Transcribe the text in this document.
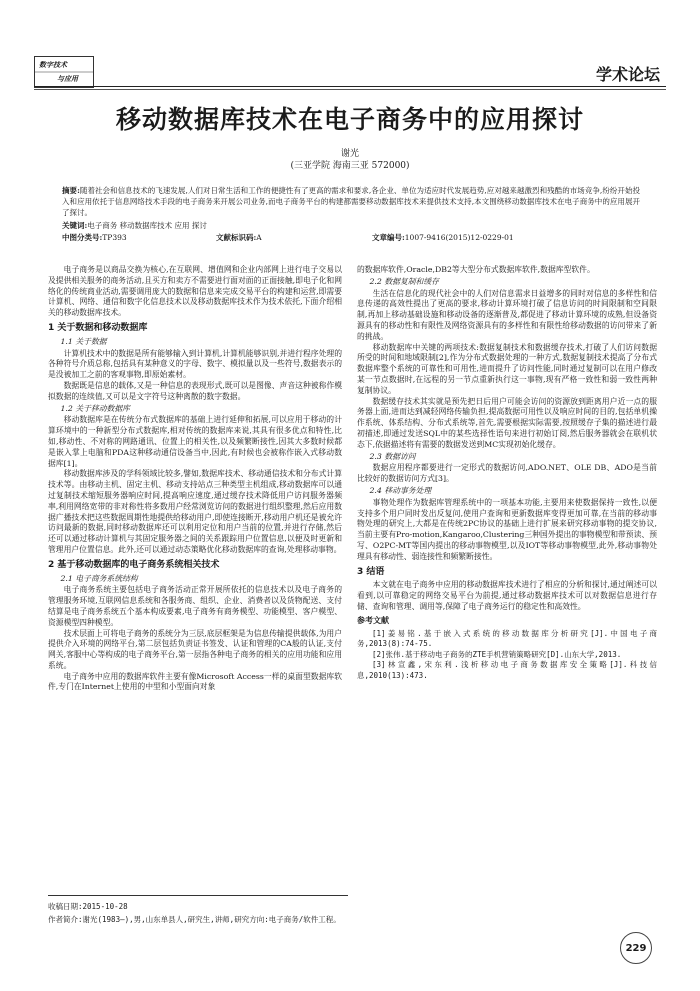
数字技术
与应用	学术论坛
移动数据库技术在电子商务中的应用探讨
谢光
(三亚学院 海南三亚 572000)
摘要:随着社会和信息技术的飞速发展,人们对日常生活和工作的便捷性有了更高的需求和要求,各企业、单位为适应时代发展趋势,应对越来越激烈和残酷的市场竞争,纷纷开始投入和应用依托于信息网络技术手段的电子商务来开展公司业务,而电子商务平台的构建都需要移动数据库技术来提供技术支持,本文围绕移动数据库技术在电子商务中的应用展开了探讨。
关键词:电子商务 移动数据库技术 应用 探讨
中图分类号:TP393	文献标识码:A	文章编号:1007-9416(2015)12-0229-01

电子商务是以商品交换为核心,在互联网、增值网和企业内部网上进行电子交易以及提供相关服务的商务活动,且买方和卖方不需要进行面对面的正面接触,即电子化和网络化的传统商业活动,需要调用庞大的数据和信息来完成交易平台的构建和运营,即需要计算机、网络、通信和数字化信息技术以及移动数据库技术作为技术依托,下面介绍相关的移动数据库技术。

1 关于数据和移动数据库
1.1 关于数据

计算机技术中的数据是所有能够输入到计算机,计算机能够识别,并进行程序处理的各种符号介质总称,包括具有某种意义的字母、数字、模拟量以及一些符号,数据表示的是没被加工之前的客观事物,即原始素材。

数据既是信息的载体,又是一种信息的表现形式,既可以是图像、声音这种被称作模拟数据的连续值,又可以是文字符号这种离散的数字数据。

1.2 关于移动数据库

移动数据库是在传统分布式数据库的基础上进行延伸和拓展,可以应用于移动的计算环境中的一种新型分布式数据库,相对传统的数据库来说,其具有很多优点和特性,比如,移动性、不对称的网路通讯、位置上的相关性,以及频繁断接性,因其大多数时候都是嵌入掌上电脑和PDA这种移动通信设备当中,因此,有时候也会被称作嵌入式移动数据库[1]。

移动数据库涉及的学科领域比较多,譬如,数据库技术、移动通信技术和分布式计算技术等。由移动主机、固定主机、移动支持站点三种类型主机组成,移动数据库可以通过复制技术缩短服务器响应时间,提高响应速度,通过缓存技术降低用户访问服务器频率,利用网络宽带的非对称性将多数用户经常浏览访问的数据进行组织整理,然后应用数据广播技术把这些数据周期性地提供给移动用户,即使连接断开,移动用户机还是被允许访问最新的数据,同时移动数据库还可以利用定位和用户当前的位置,并进行存储,然后还可以通过移动计算机与其固定服务器之间的关系跟踪用户位置信息,以便及时更新和管理用户位置信息。此外,还可以通过动态策略优化移动数据库的查询,处理移动事物。

2 基于移动数据库的电子商务系统相关技术
2.1 电子商务系统结构

电子商务系统主要包括电子商务活动正常开展所依托的信息技术以及电子商务的管理服务环境,互联网信息系统和各服务商、组织、企业、消费者以及货物配送、支付结算是电子商务系统五个基本构成要素,电子商务有商务模型、功能模型、客户模型、资源模型四种模型。

技术层面上可将电子商务的系统分为三层,底层框架是为信息传输提供载体,为用户提供介入环境的网络平台,第二层包括负责证书签发、认证和管理的CA般的认证,支付网关,客服中心等构成的电子商务平台,第一层指各种电子商务的相关的应用功能和应用系统。

电子商务中应用的数据库软件主要有像Microsoft Access一样的桌面型数据库软件,专门在Internet上使用的中型和小型面向对象

的数据库软件,Oracle,DB2等大型分布式数据库软件,数据库型软件。

2.2 数据复制和缓存

生活在信息化的现代社会中的人们对信息需求日益增多的同时对信息的多样性和信息传递的高效性提出了更高的要求,移动计算环境打破了信息访问的时间限制和空间限制,再加上移动基础设施和移动设备的逐渐普及,都促进了移动计算环境的成熟,但设备资源具有的移动性和有限性及网络资源具有的多样性和有限性给移动数据的访问带来了新的挑战。

移动数据库中关键的两项技术:数据复制技术和数据缓存技术,打破了人们访问数据所受的时间和地域限制[2],作为分布式数据处理的一种方式,数据复制技术提高了分布式数据库整个系统的可靠性和可用性,进而提升了访问性能,同时通过复制可以在用户修改某一节点数据时,在远程的另一节点重新执行这一事物,现有严格一致性和弱一致性两种复制协议。

数据缓存技术其实就是预先把日后用户可能会访问的资源放到距离用户近一点的服务器上面,进而达到减轻网络传输负担,提高数据可用性以及响应时间的目的,包括单机操作系统、体系结构、分布式系统等,首先,需要根据实际需要,按照缓存子集的描述进行最初描述,即通过发送SQL中的某些选择性语句来进行初始订阅,然后服务器就会在联机状态下,依据描述将有需要的数据发送到MC实现初始化缓存。

2.3 数据访问

数据应用程序都要进行一定形式的数据访问,ADO.NET、OLE DB、ADO是当前比较好的数据访问方式[3]。

2.4 移动事务处理

事物处理作为数据库管理系统中的一项基本功能,主要用来使数据保持一致性,以便支持多个用户同时发出反复问,使用户查询和更新数据库变得更加可靠,在当前的移动事物处理的研究上,大都是在传统2PC协议的基础上进行扩展来研究移动事物的提交协议,当前主要有Pro-motion,Kangaroo,Clustering三种国外提出的事物模型和带预读、预写、O2PC-MT等国内提出的移动事物模型,以及IOT等移动事物模型,此外,移动事物处理具有移动性、弱连接性和频繁断接性。

3 结语

本文就在电子商务中应用的移动数据库技术进行了相应的分析和探讨,通过阐述可以看到,以可靠稳定的网络交易平台为前提,通过移动数据库技术可以对数据信息进行存储、查询和管理、调用等,保障了电子商务运行的稳定性和高效性。

参考文献

[1]姜易铭.基于嵌入式系统的移动数据库分析研究[J].中国电子商务,2013(8):74-75.

[2]张伟.基于移动电子商务的ZTE手机营销策略研究[D].山东大学,2013.

[3]林宣鑫,宋东利.浅析移动电子商务数据库安全策略[J].科技信息,2010(13):473.

收稿日期:2015-10-28
作者简介:谢光(1983—),男,山东单县人,研究生,讲师,研究方向:电子商务/软件工程。
229
